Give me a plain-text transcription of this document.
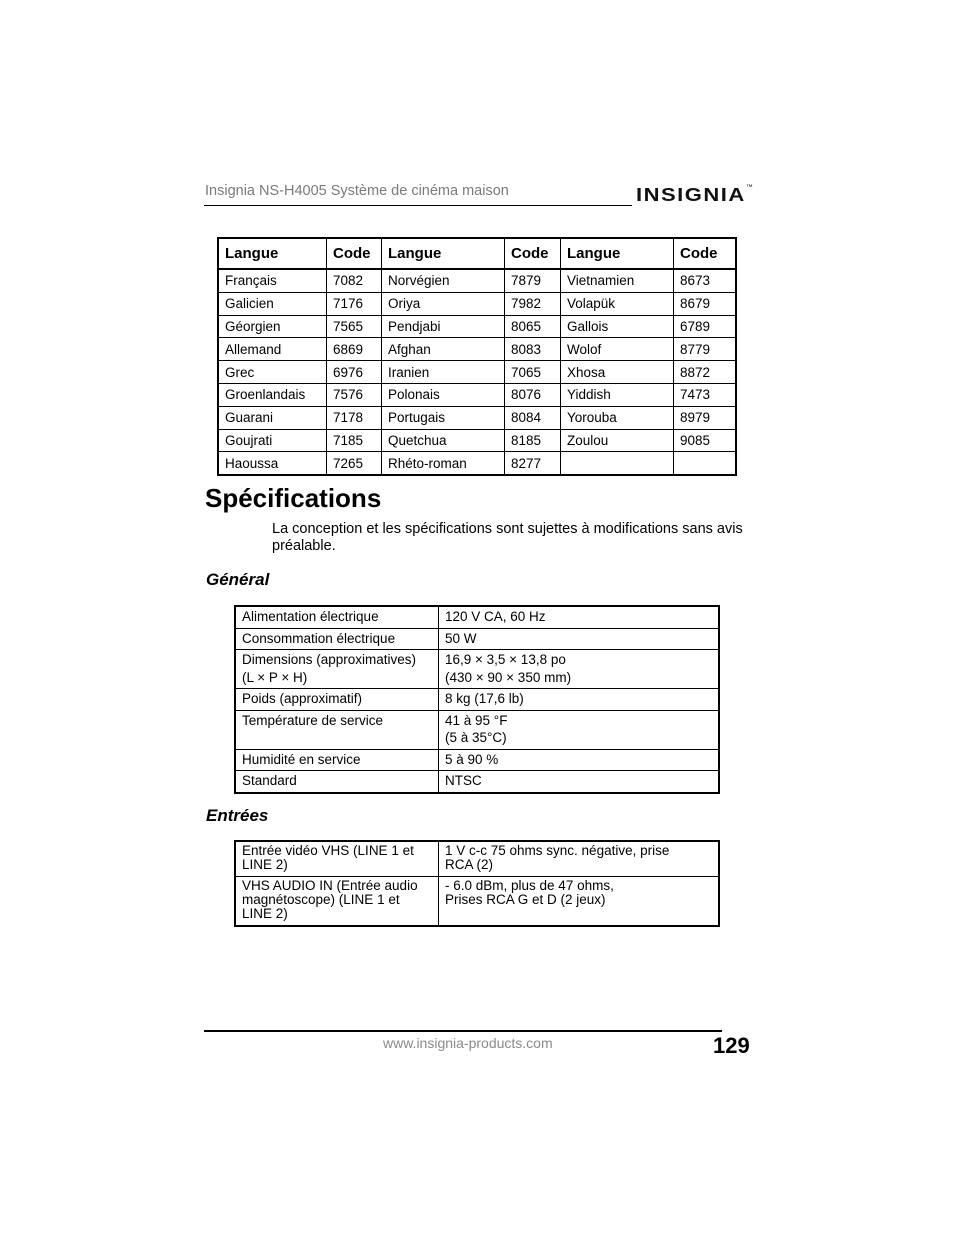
Insignia NS-H4005 Système de cinéma maison	INSIGNIA™
Langue	Code	Langue	Code	Langue	Code
Français	7082	Norvégien	7879	Vietnamien	8673
Galicien	7176	Oriya	7982	Volapük	8679
Géorgien	7565	Pendjabi	8065	Gallois	6789
Allemand	6869	Afghan	8083	Wolof	8779
Grec	6976	Iranien	7065	Xhosa	8872
Groenlandais	7576	Polonais	8076	Yiddish	7473
Guarani	7178	Portugais	8084	Yorouba	8979
Goujrati	7185	Quetchua	8185	Zoulou	9085
Haoussa	7265	Rhéto-roman	8277		
Spécifications
La conception et les spécifications sont sujettes à modifications sans avis préalable.
Général
Alimentation électrique	120 V CA, 60 Hz
Consommation électrique	50 W
Dimensions (approximatives)
(L × P × H)	16,9 × 3,5 × 13,8 po
(430 × 90 × 350 mm)
Poids (approximatif)	8 kg (17,6 lb)
Température de service	41 à 95 °F
(5 à 35°C)
Humidité en service	5 à 90 %
Standard	NTSC
Entrées
Entrée vidéo VHS (LINE 1 et
LINE 2)	1 V c-c 75 ohms sync. négative, prise
RCA (2)
VHS AUDIO IN (Entrée audio
magnétoscope) (LINE 1 et
LINE 2)	- 6.0 dBm, plus de 47 ohms,
Prises RCA G et D (2 jeux)
www.insignia-products.com	129
